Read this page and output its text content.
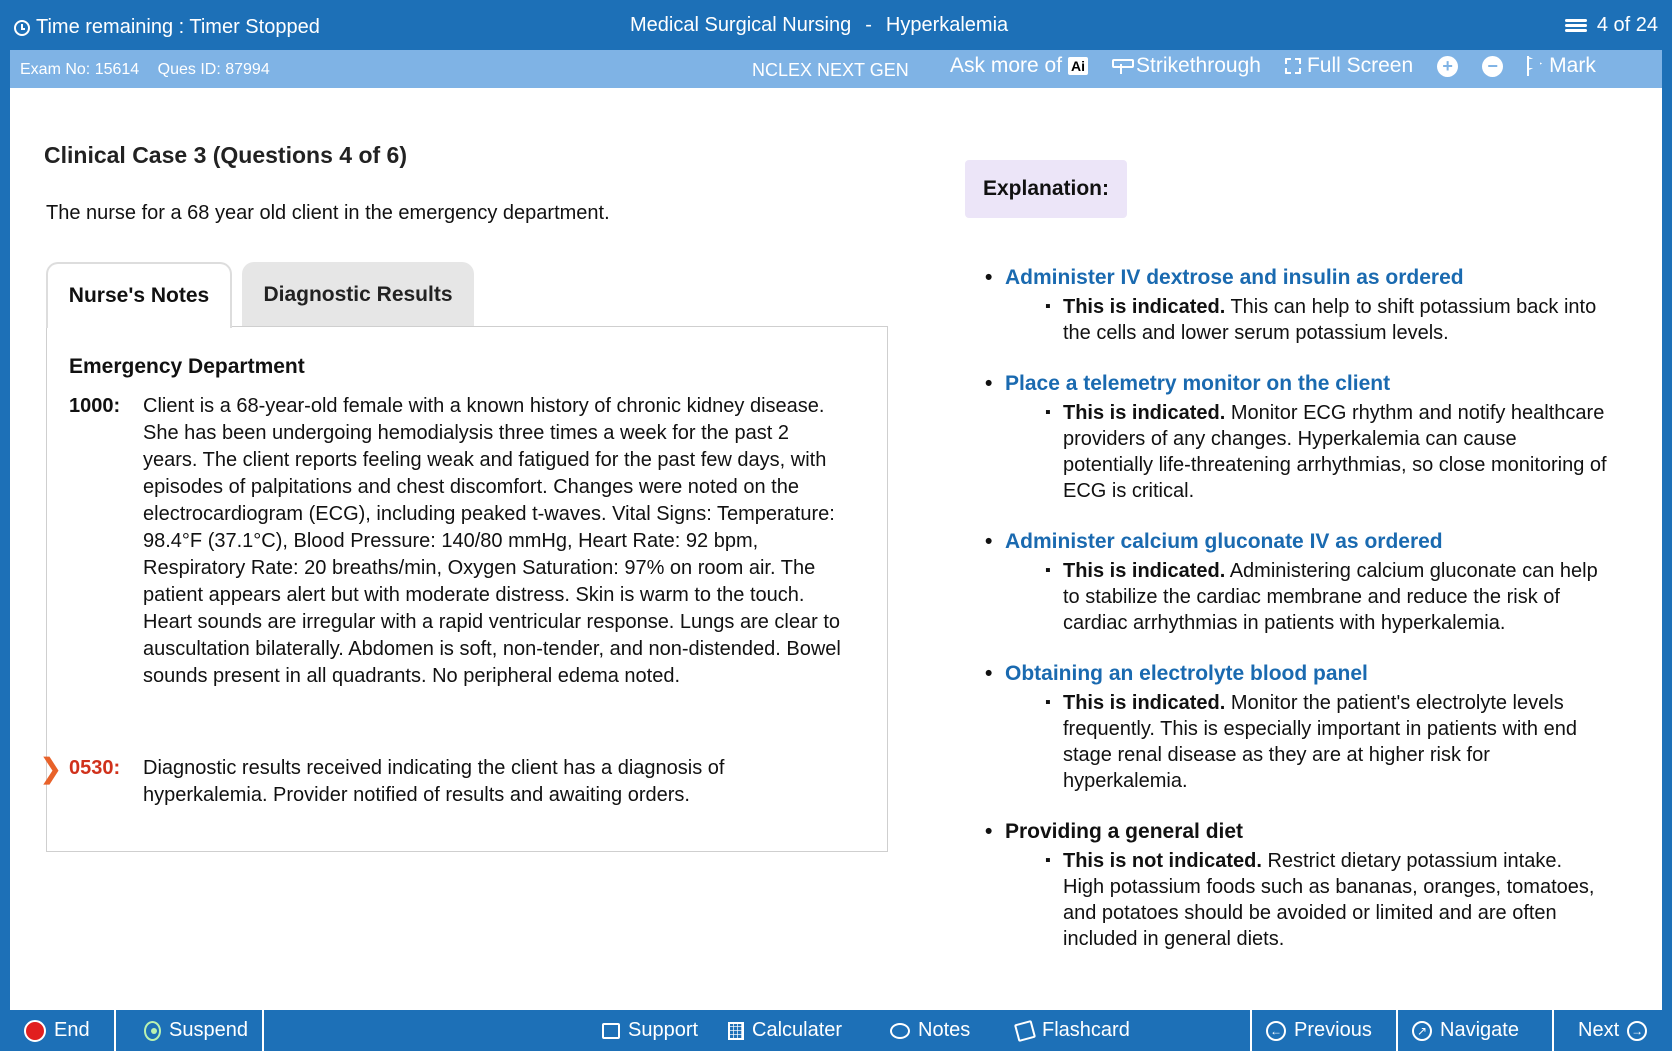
Time remaining : Timer Stopped	Medical Surgical Nursing - Hyperkalemia	4 of 24
Exam No: 15614 Ques ID: 87994	NCLEX NEXT GEN Ask more of Ai Strikethrough Full Screen + − Mark
Clinical Case 3 (Questions 4 of 6)
The nurse for a 68 year old client in the emergency department.
Nurse's Notes	Diagnostic Results
Emergency Department
1000: Client is a 68-year-old female with a known history of chronic kidney disease. She has been undergoing hemodialysis three times a week for the past 2 years. The client reports feeling weak and fatigued for the past few days, with episodes of palpitations and chest discomfort. Changes were noted on the electrocardiogram (ECG), including peaked t-waves. Vital Signs: Temperature: 98.4°F (37.1°C), Blood Pressure: 140/80 mmHg, Heart Rate: 92 bpm, Respiratory Rate: 20 breaths/min, Oxygen Saturation: 97% on room air. The patient appears alert but with moderate distress. Skin is warm to the touch. Heart sounds are irregular with a rapid ventricular response. Lungs are clear to auscultation bilaterally. Abdomen is soft, non-tender, and non-distended. Bowel sounds present in all quadrants. No peripheral edema noted.
❯ 0530: Diagnostic results received indicating the client has a diagnosis of hyperkalemia. Provider notified of results and awaiting orders.
Explanation:
• Administer IV dextrose and insulin as ordered
▪ This is indicated. This can help to shift potassium back into the cells and lower serum potassium levels.
• Place a telemetry monitor on the client
▪ This is indicated. Monitor ECG rhythm and notify healthcare providers of any changes. Hyperkalemia can cause potentially life-threatening arrhythmias, so close monitoring of ECG is critical.
• Administer calcium gluconate IV as ordered
▪ This is indicated. Administering calcium gluconate can help to stabilize the cardiac membrane and reduce the risk of cardiac arrhythmias in patients with hyperkalemia.
• Obtaining an electrolyte blood panel
▪ This is indicated. Monitor the patient's electrolyte levels frequently. This is especially important in patients with end stage renal disease as they are at higher risk for hyperkalemia.
• Providing a general diet
▪ This is not indicated. Restrict dietary potassium intake. High potassium foods such as bananas, oranges, tomatoes, and potatoes should be avoided or limited and are often included in general diets.
End	Suspend	Support	Calculater	Notes	Flashcard	← Previous	↗ Navigate	Next	→
